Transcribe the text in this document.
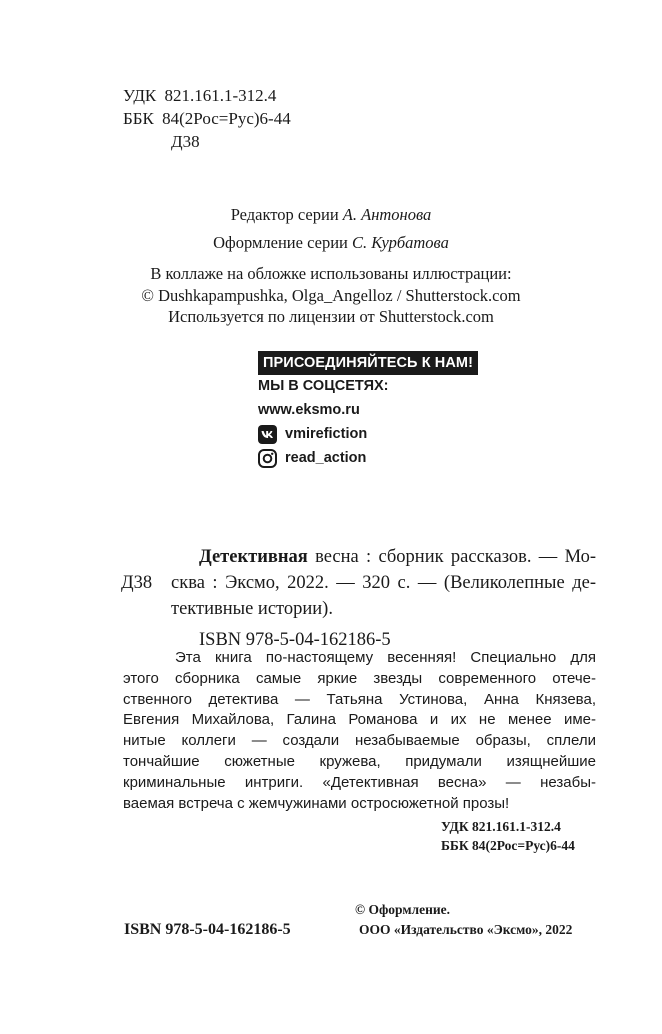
УДК 821.161.1-312.4
ББК 84(2Рос=Рус)6-44
Д38
Редактор серии А. Антонова
Оформление серии С. Курбатова
В коллаже на обложке использованы иллюстрации:
© Dushkapampushka, Olga_Angelloz / Shutterstock.com
Используется по лицензии от Shutterstock.com
ПРИСОЕДИНЯЙТЕСЬ К НАМ!
МЫ В СОЦСЕТЯХ:
www.eksmo.ru
vmirefiction
read_action
Д38
Детективная весна : сборник рассказов. — Мо-
сква : Эксмо, 2022. — 320 с. — (Великолепные де-
тективные истории).
ISBN 978-5-04-162186-5
Эта книга по-настоящему весенняя! Специально для
этого сборника самые яркие звезды современного отече-
ственного детектива — Татьяна Устинова, Анна Князева,
Евгения Михайлова, Галина Романова и их не менее име-
нитые коллеги — создали незабываемые образы, сплели
тончайшие сюжетные кружева, придумали изящнейшие
криминальные интриги. «Детективная весна» — незабы-
ваемая встреча с жемчужинами остросюжетной прозы!
УДК 821.161.1-312.4
ББК 84(2Рос=Рус)6-44
© Оформление.
ISBN 978-5-04-162186-5	ООО «Издательство «Эксмо», 2022
